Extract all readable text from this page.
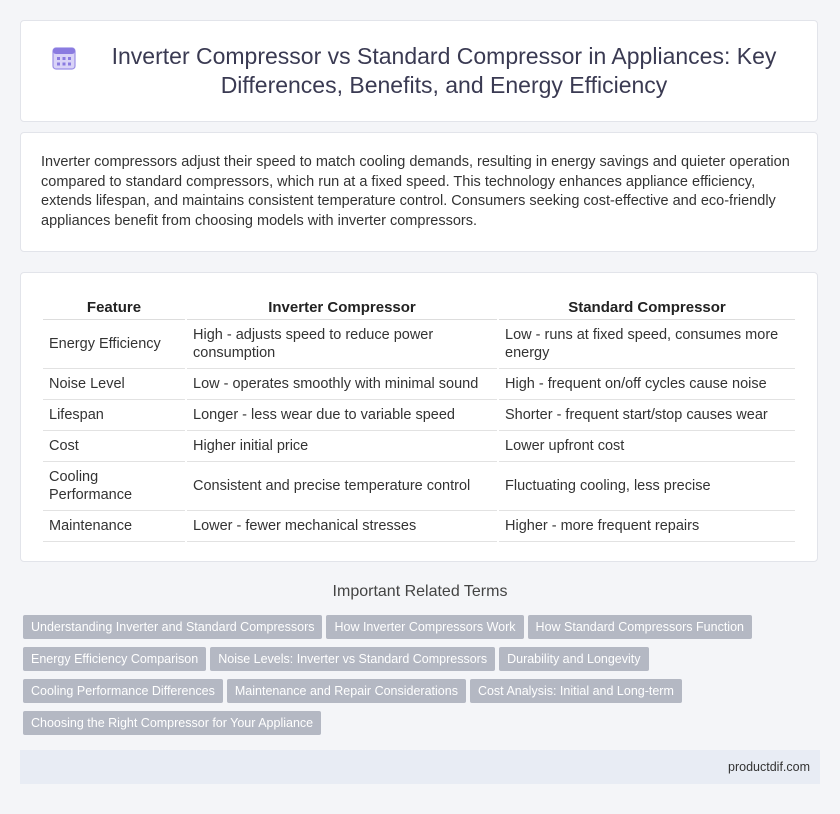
Inverter Compressor vs Standard Compressor in Appliances: Key Differences, Benefits, and Energy Efficiency

Inverter compressors adjust their speed to match cooling demands, resulting in energy savings and quieter operation compared to standard compressors, which run at a fixed speed. This technology enhances appliance efficiency, extends lifespan, and maintains consistent temperature control. Consumers seeking cost-effective and eco-friendly appliances benefit from choosing models with inverter compressors.

Feature	Inverter Compressor	Standard Compressor
Energy Efficiency	High - adjusts speed to reduce power consumption	Low - runs at fixed speed, consumes more energy
Noise Level	Low - operates smoothly with minimal sound	High - frequent on/off cycles cause noise
Lifespan	Longer - less wear due to variable speed	Shorter - frequent start/stop causes wear
Cost	Higher initial price	Lower upfront cost
Cooling Performance	Consistent and precise temperature control	Fluctuating cooling, less precise
Maintenance	Lower - fewer mechanical stresses	Higher - more frequent repairs
Important Related Terms
Understanding Inverter and Standard Compressors How Inverter Compressors Work How Standard Compressors Function
Energy Efficiency Comparison Noise Levels: Inverter vs Standard Compressors Durability and Longevity
Cooling Performance Differences Maintenance and Repair Considerations Cost Analysis: Initial and Long-term
Choosing the Right Compressor for Your Appliance
productdif.com
